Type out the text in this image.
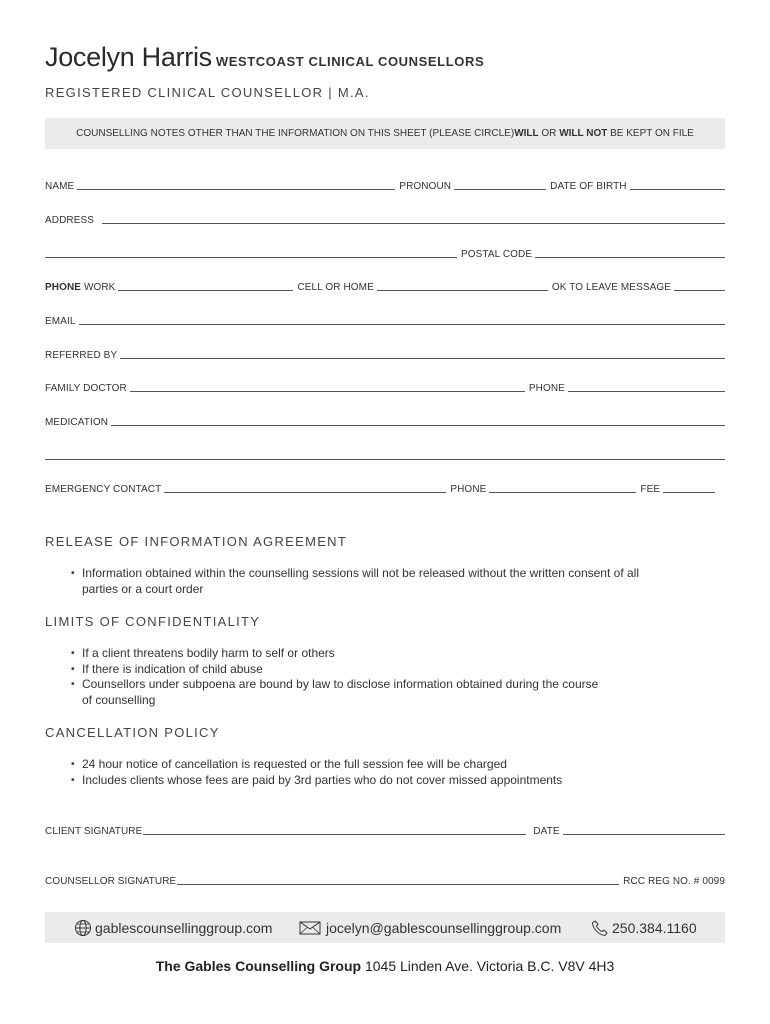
Jocelyn Harris WESTCOAST CLINICAL COUNSELLORS
REGISTERED CLINICAL COUNSELLOR | M.A.
COUNSELLING NOTES OTHER THAN THE INFORMATION ON THIS SHEET (PLEASE CIRCLE) WILL OR WILL NOT BE KEPT ON FILE
NAME	PRONOUN	DATE OF BIRTH
ADDRESS
POSTAL CODE
PHONE WORK	CELL OR HOME	OK TO LEAVE MESSAGE
EMAIL
REFERRED BY
FAMILY DOCTOR	PHONE
MEDICATION
EMERGENCY CONTACT	PHONE	FEE
RELEASE OF INFORMATION AGREEMENT
• Information obtained within the counselling sessions will not be released without the written consent of all parties or a court order
LIMITS OF CONFIDENTIALITY
• If a client threatens bodily harm to self or others
• If there is indication of child abuse
• Counsellors under subpoena are bound by law to disclose information obtained during the course of counselling
CANCELLATION POLICY
• 24 hour notice of cancellation is requested or the full session fee will be charged
• Includes clients whose fees are paid by 3rd parties who do not cover missed appointments
CLIENT SIGNATURE	DATE
COUNSELLOR SIGNATURE	RCC REG NO. # 0099
gablescounsellinggroup.com	jocelyn@gablescounsellinggroup.com	250.384.1160
The Gables Counselling Group 1045 Linden Ave. Victoria B.C. V8V 4H3
